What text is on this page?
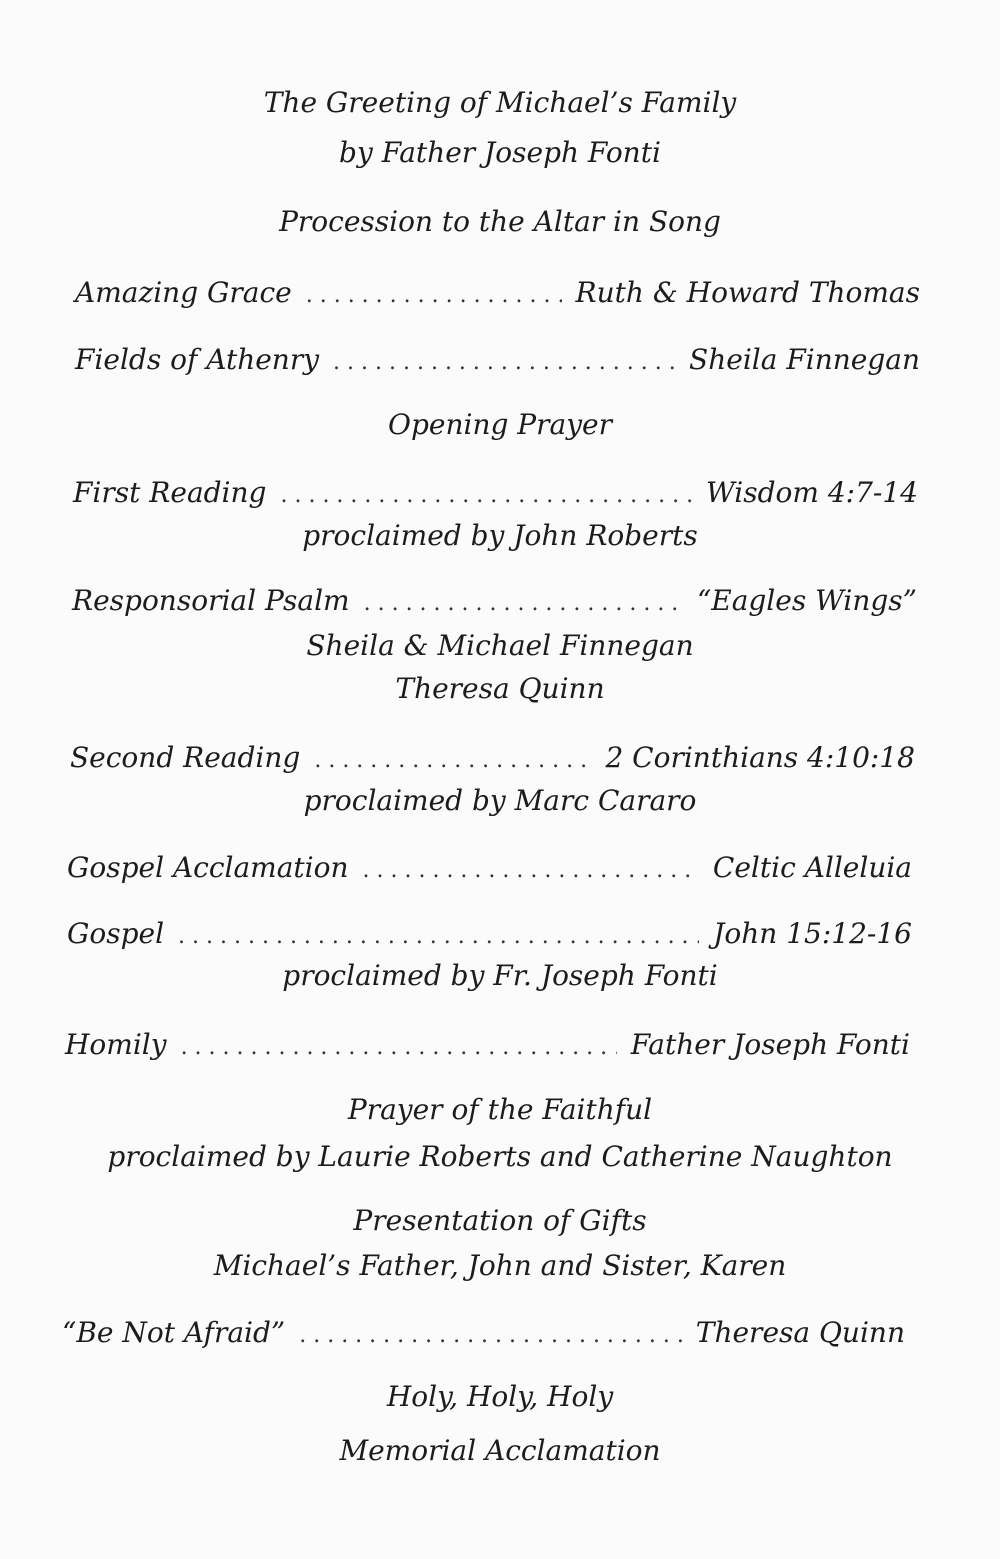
The Greeting of Michael’s Family
by Father Joseph Fonti
Procession to the Altar in Song
Amazing Grace . . .	Ruth & Howard Thomas
Fields of Athenry . . .	Sheila Finnegan
Opening Prayer
First Reading . . .	Wisdom 4:7-14
proclaimed by John Roberts
Responsorial Psalm . . .	“Eagles Wings”
Sheila & Michael Finnegan
Theresa Quinn
Second Reading . . .	2 Corinthians 4:10:18
proclaimed by Marc Cararo
Gospel Acclamation . . .	Celtic Alleluia
Gospel . . .	John 15:12-16
proclaimed by Fr. Joseph Fonti
Homily . . .	Father Joseph Fonti
Prayer of the Faithful
proclaimed by Laurie Roberts and Catherine Naughton
Presentation of Gifts
Michael’s Father, John and Sister, Karen
“Be Not Afraid” . . .	Theresa Quinn
Holy, Holy, Holy
Memorial Acclamation
